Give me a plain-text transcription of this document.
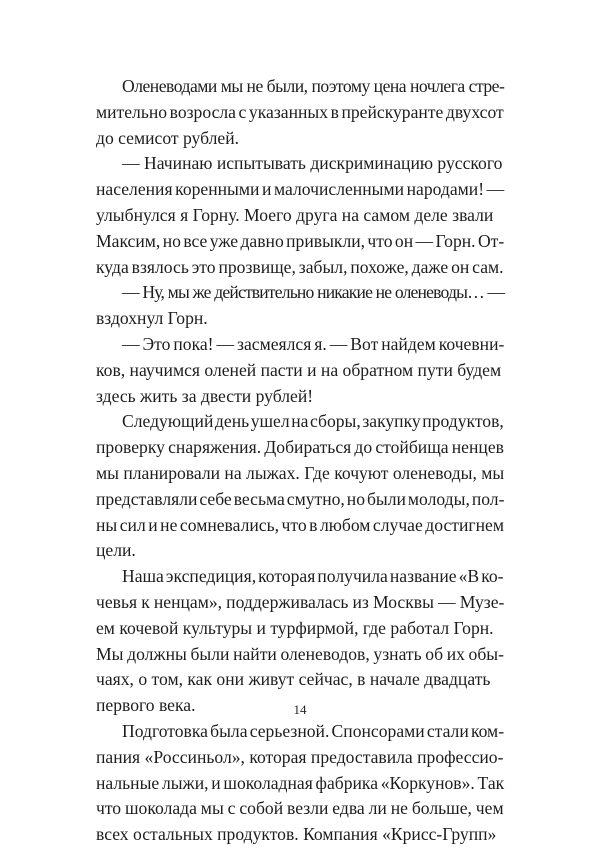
Оленеводами мы не были, поэтому цена ночлега стре-
мительно возросла с указанных в прейскуранте двухсот
до семисот рублей.
— Начинаю испытывать дискриминацию русского
населения коренными и малочисленными народами! —
улыбнулся я Горну. Моего друга на самом деле звали
Максим, но все уже давно привыкли, что он — Горн. От-
куда взялось это прозвище, забыл, похоже, даже он сам.
— Ну, мы же действительно никакие не оленеводы… —
вздохнул Горн.
— Это пока! — засмеялся я. — Вот найдем кочевни-
ков, научимся оленей пасти и на обратном пути будем
здесь жить за двести рублей!
Следующий день ушел на сборы, закупку продуктов,
проверку снаряжения. Добираться до стойбища ненцев
мы планировали на лыжах. Где кочуют оленеводы, мы
представляли себе весьма смутно, но были молоды, пол-
ны сил и не сомневались, что в любом случае достигнем
цели.
Наша экспедиция, которая получила название «В ко-
чевья к ненцам», поддерживалась из Москвы — Музе-
ем кочевой культуры и турфирмой, где работал Горн.
Мы должны были найти оленеводов, узнать об их обы-
чаях, о том, как они живут сейчас, в начале двадцать
первого века.
Подготовка была серьезной. Спонсорами стали ком-
пания «Россиньол», которая предоставила профессио-
нальные лыжи, и шоколадная фабрика «Коркунов». Так
что шоколада мы с собой везли едва ли не больше, чем
всех остальных продуктов. Компания «Крисс-Групп»
14
